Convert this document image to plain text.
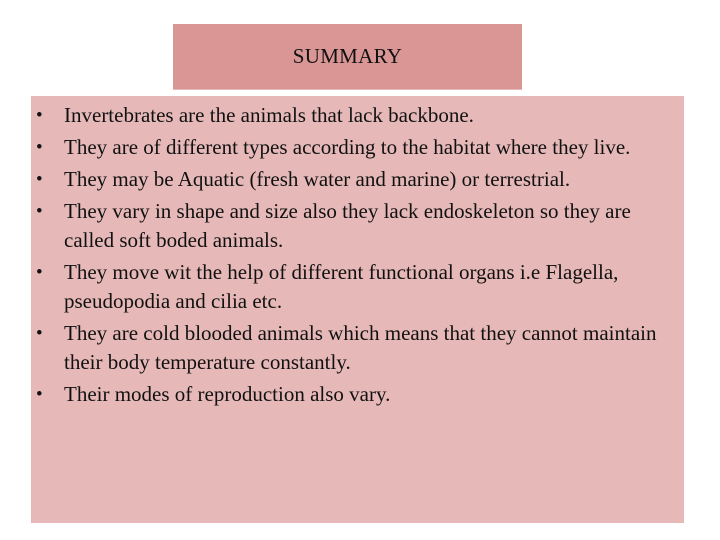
SUMMARY
• Invertebrates are the animals that lack backbone.
• They are of different types according to the habitat where they live.
• They may be Aquatic (fresh water and marine) or terrestrial.
• They vary in shape and size also they lack endoskeleton so they are called soft boded animals.
• They move wit the help of different functional organs i.e Flagella, pseudopodia and cilia etc.
• They are cold blooded animals which means that they cannot maintain their body temperature constantly.
• Their modes of reproduction also vary.
